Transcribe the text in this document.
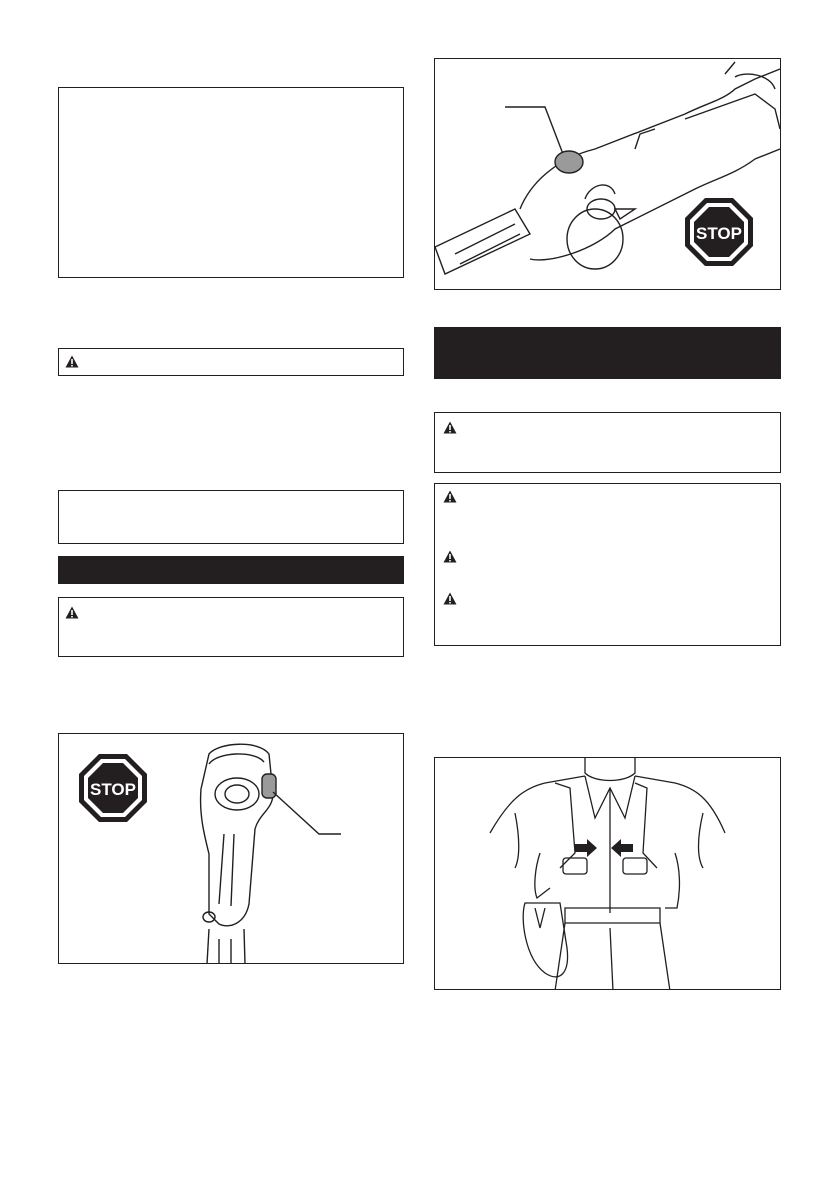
STOP
STOP
